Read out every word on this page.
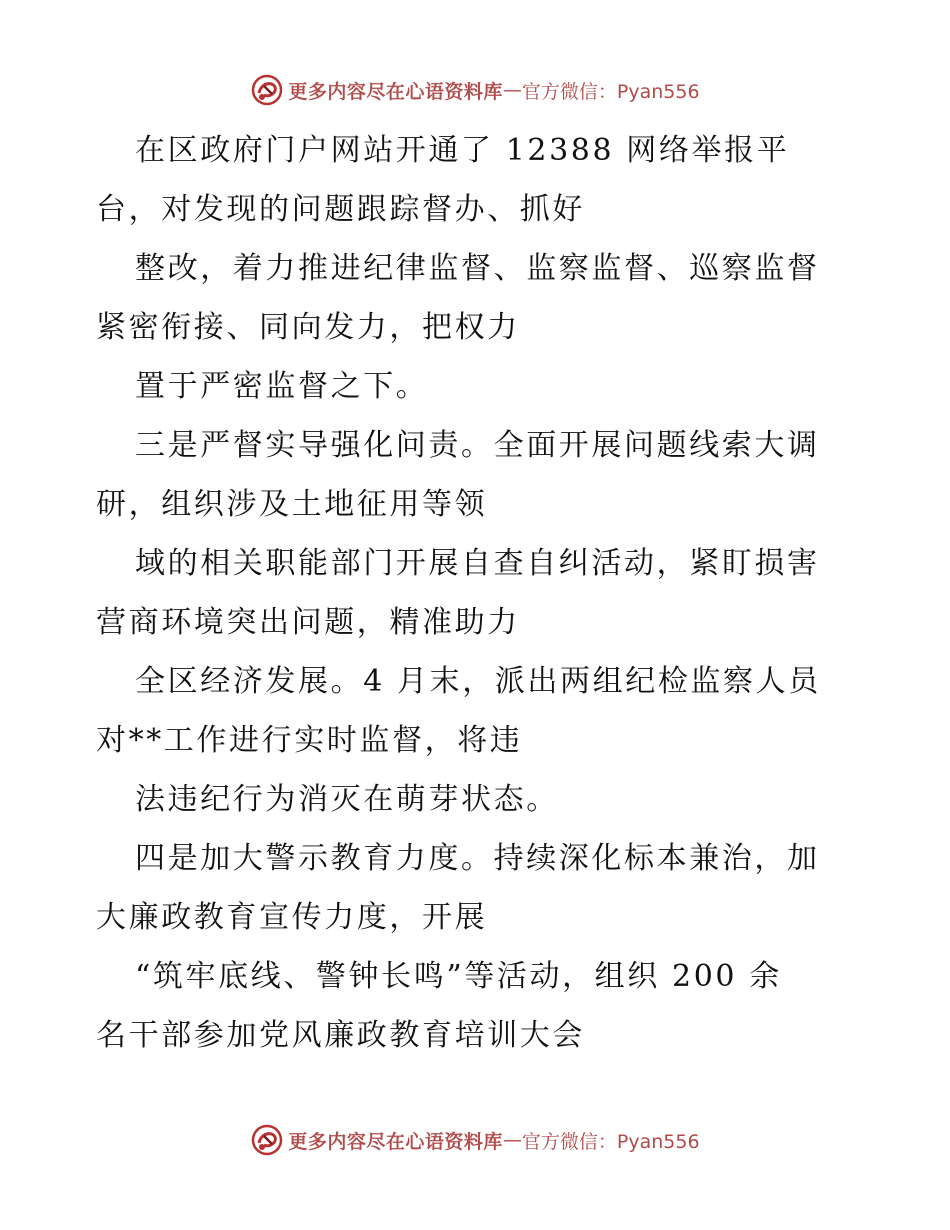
更多内容尽在心语资料库 — 官方微信：Pyan556
在区政府门户网站开通了 12388 网络举报平
台，对发现的问题跟踪督办、抓好
整改，着力推进纪律监督、监察监督、巡察监督
紧密衔接、同向发力，把权力
置于严密监督之下。
三是严督实导强化问责。全面开展问题线索大调
研，组织涉及土地征用等领
域的相关职能部门开展自查自纠活动，紧盯损害
营商环境突出问题，精准助力
全区经济发展。4 月末，派出两组纪检监察人员
对**工作进行实时监督，将违
法违纪行为消灭在萌芽状态。
四是加大警示教育力度。持续深化标本兼治，加
大廉政教育宣传力度，开展
“筑牢底线、警钟长鸣”等活动，组织 200 余
名干部参加党风廉政教育培训大会
更多内容尽在心语资料库 — 官方微信：Pyan556
